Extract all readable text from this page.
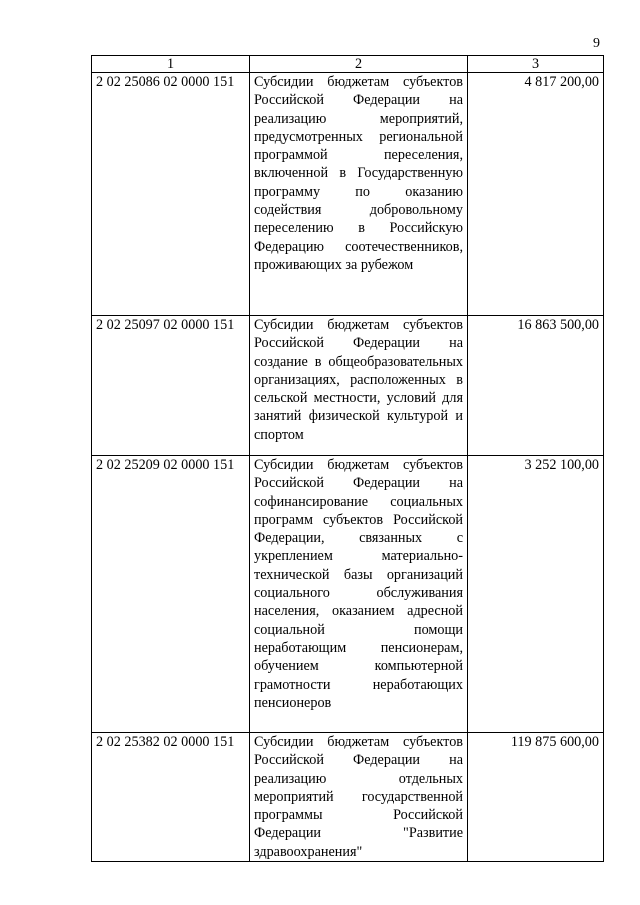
9
1	2	3
2 02 25086 02 0000 151	Субсидии бюджетам субъектов Российской Федерации на реализацию мероприятий, предусмотренных региональной программой переселения, включенной в Государственную программу по оказанию содействия добровольному переселению в Российскую Федерацию соотечественников, проживающих за рубежом	4 817 200,00
2 02 25097 02 0000 151	Субсидии бюджетам субъектов Российской Федерации на создание в общеобразовательных организациях, расположенных в сельской местности, условий для занятий физической культурой и спортом	16 863 500,00
2 02 25209 02 0000 151	Субсидии бюджетам субъектов Российской Федерации на софинансирование социальных программ субъектов Российской Федерации, связанных с укреплением материально-технической базы организаций социального обслуживания населения, оказанием адресной социальной помощи неработающим пенсионерам, обучением компьютерной грамотности неработающих пенсионеров	3 252 100,00
2 02 25382 02 0000 151	Субсидии бюджетам субъектов Российской Федерации на реализацию отдельных мероприятий государственной программы Российской Федерации "Развитие здравоохранения"	119 875 600,00
